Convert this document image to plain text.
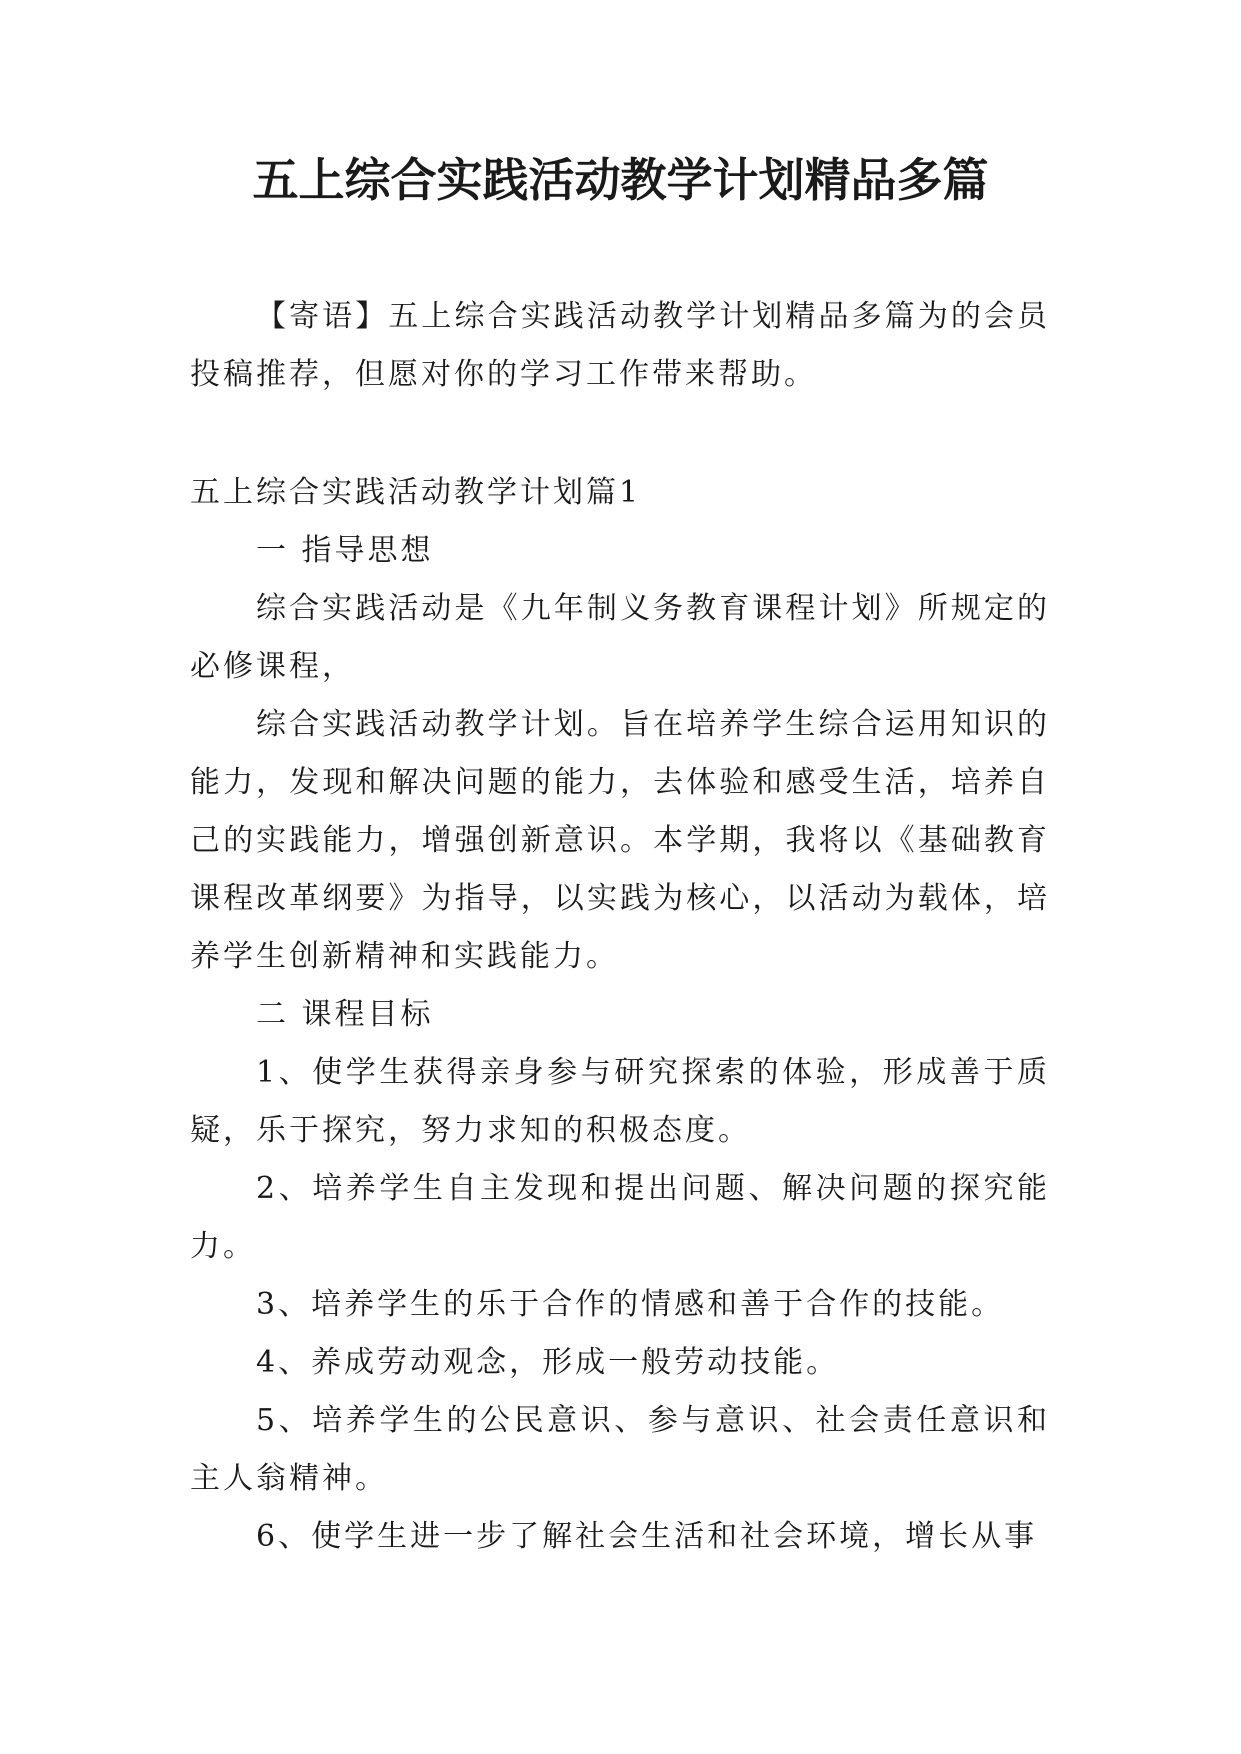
五上综合实践活动教学计划精品多篇

【寄语】五上综合实践活动教学计划精品多篇为的会员投稿推荐，但愿对你的学习工作带来帮助。

五上综合实践活动教学计划篇1

一 指导思想

综合实践活动是《九年制义务教育课程计划》所规定的必修课程，

综合实践活动教学计划。旨在培养学生综合运用知识的能力，发现和解决问题的能力，去体验和感受生活，培养自己的实践能力，增强创新意识。本学期，我将以《基础教育课程改革纲要》为指导，以实践为核心，以活动为载体，培养学生创新精神和实践能力。

二 课程目标

1、使学生获得亲身参与研究探索的体验，形成善于质疑，乐于探究，努力求知的积极态度。

2、培养学生自主发现和提出问题、解决问题的探究能力。

3、培养学生的乐于合作的情感和善于合作的技能。

4、养成劳动观念，形成一般劳动技能。

5、培养学生的公民意识、参与意识、社会责任意识和主人翁精神。

6、使学生进一步了解社会生活和社会环境，增长从事
